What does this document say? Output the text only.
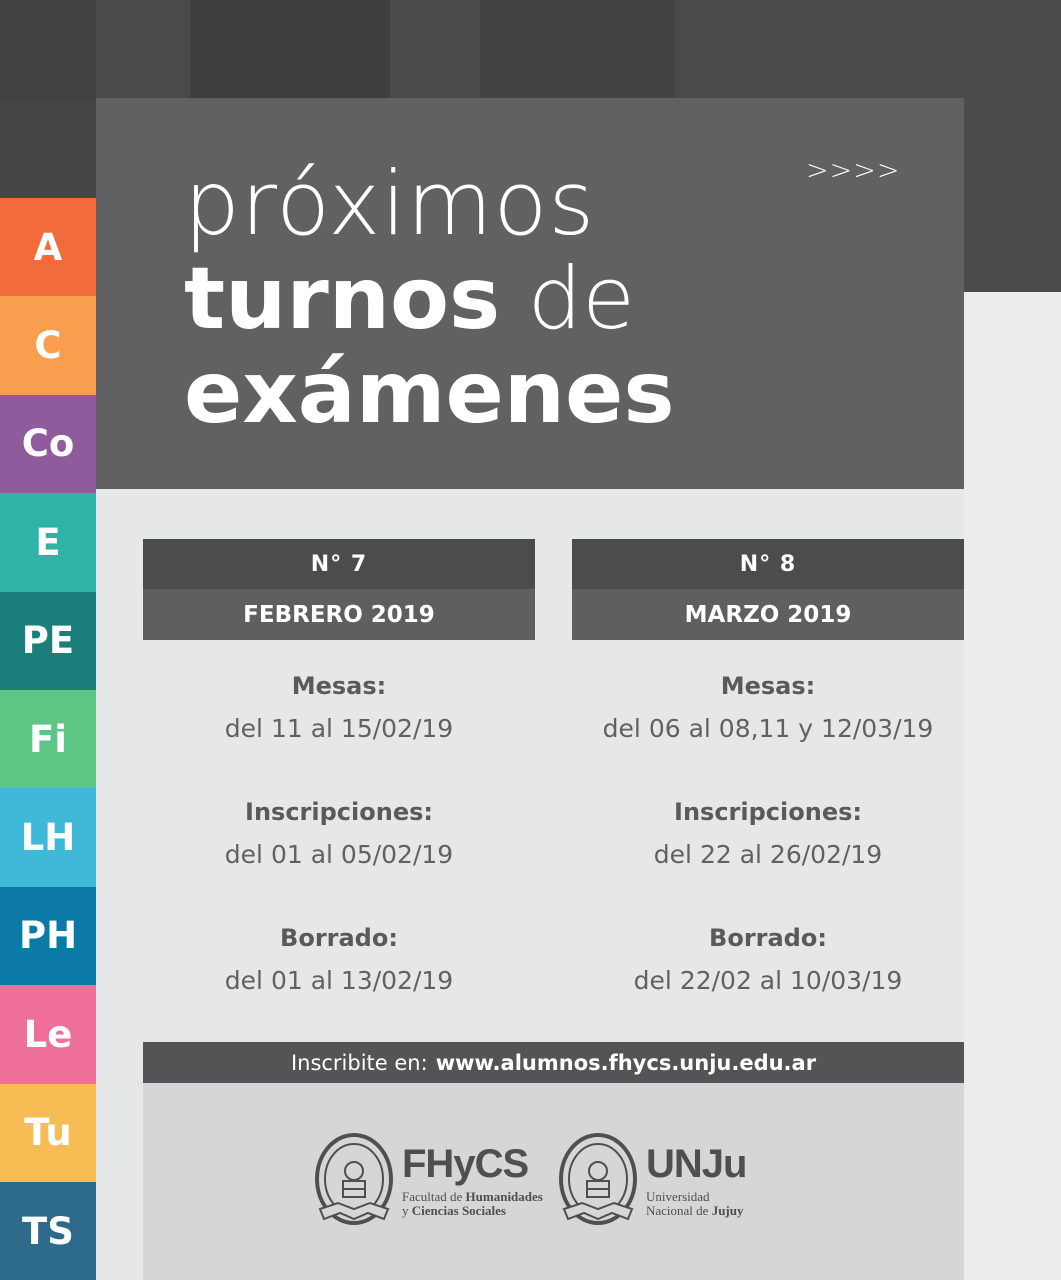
>>>>
próximos
turnos de
exámenes
A
C
Co
E
PE
Fi
LH
PH
Le
Tu
TS
N° 7
FEBRERO 2019
Mesas:
del 11 al 15/02/19
Inscripciones:
del 01 al 05/02/19
Borrado:
del 01 al 13/02/19
N° 8
MARZO 2019
Mesas:
del 06 al 08,11 y 12/03/19
Inscripciones:
del 22 al 26/02/19
Borrado:
del 22/02 al 10/03/19
Inscribite en: www.alumnos.fhycs.unju.edu.ar
FHyCS
Facultad de Humanidades
y Ciencias Sociales
UNJu
Universidad
Nacional de Jujuy
